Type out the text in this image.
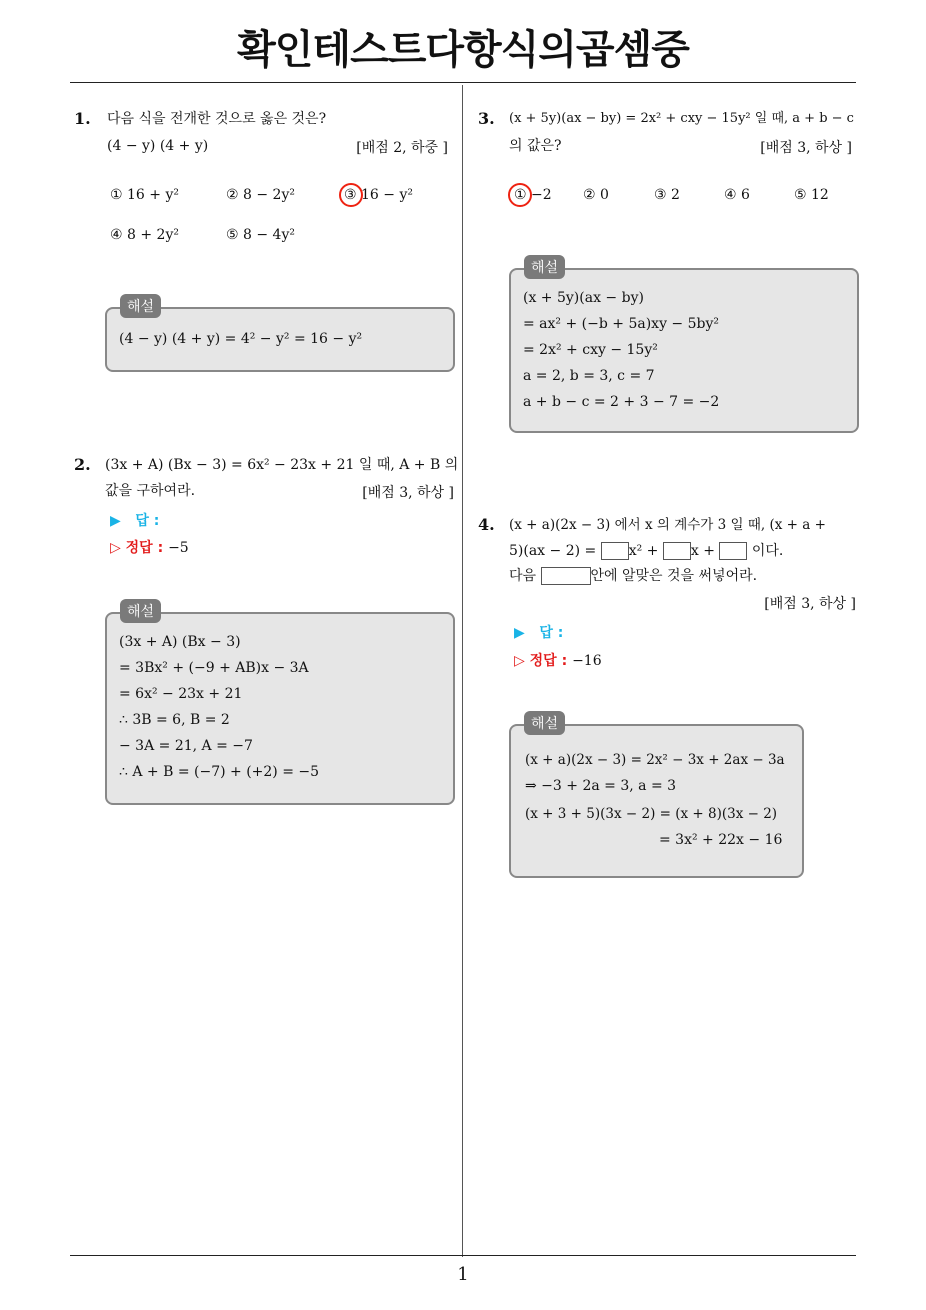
확인테스트다항식의곱셈중
1
1. 다음 식을 전개한 것으로 옳은 것은?
(4 − y) (4 + y)	[배점 2, 하중 ]
① 16 + y²	② 8 − 2y²	③ 16 − y²
④ 8 + 2y²	⑤ 8 − 4y²
(4 − y) (4 + y) = 4² − y² = 16 − y²
해설
2. (3x + A) (Bx − 3) = 6x² − 23x + 21 일 때, A + B 의
값을 구하여라.	[배점 3, 하상 ]
▶ 답 :
▷ 정답 : −5
(3x + A) (Bx − 3)
= 3Bx² + (−9 + AB)x − 3A
= 6x² − 23x + 21
∴ 3B = 6, B = 2
− 3A = 21, A = −7
∴ A + B = (−7) + (+2) = −5
해설
3. (x + 5y)(ax − by) = 2x² + cxy − 15y² 일 때, a + b − c
의 값은?	[배점 3, 하상 ]
① −2 ② 0	③ 2	④ 6	⑤ 12
(x + 5y)(ax − by)
= ax² + (−b + 5a)xy − 5by²
= 2x² + cxy − 15y²
a = 2, b = 3, c = 7
a + b − c = 2 + 3 − 7 = −2
해설
4. (x + a)(2x − 3) 에서 x 의 계수가 3 일 때, (x + a +
5)(ax − 2) = x² + x +	이다.
다음	안에 알맞은 것을 써넣어라.
[배점 3, 하상 ]
▶ 답 :
▷ 정답 : −16
(x + a)(2x − 3) = 2x² − 3x + 2ax − 3a
⇒ −3 + 2a = 3, a = 3
(x + 3 + 5)(3x − 2) = (x + 8)(3x − 2)
= 3x² + 22x − 16
해설
